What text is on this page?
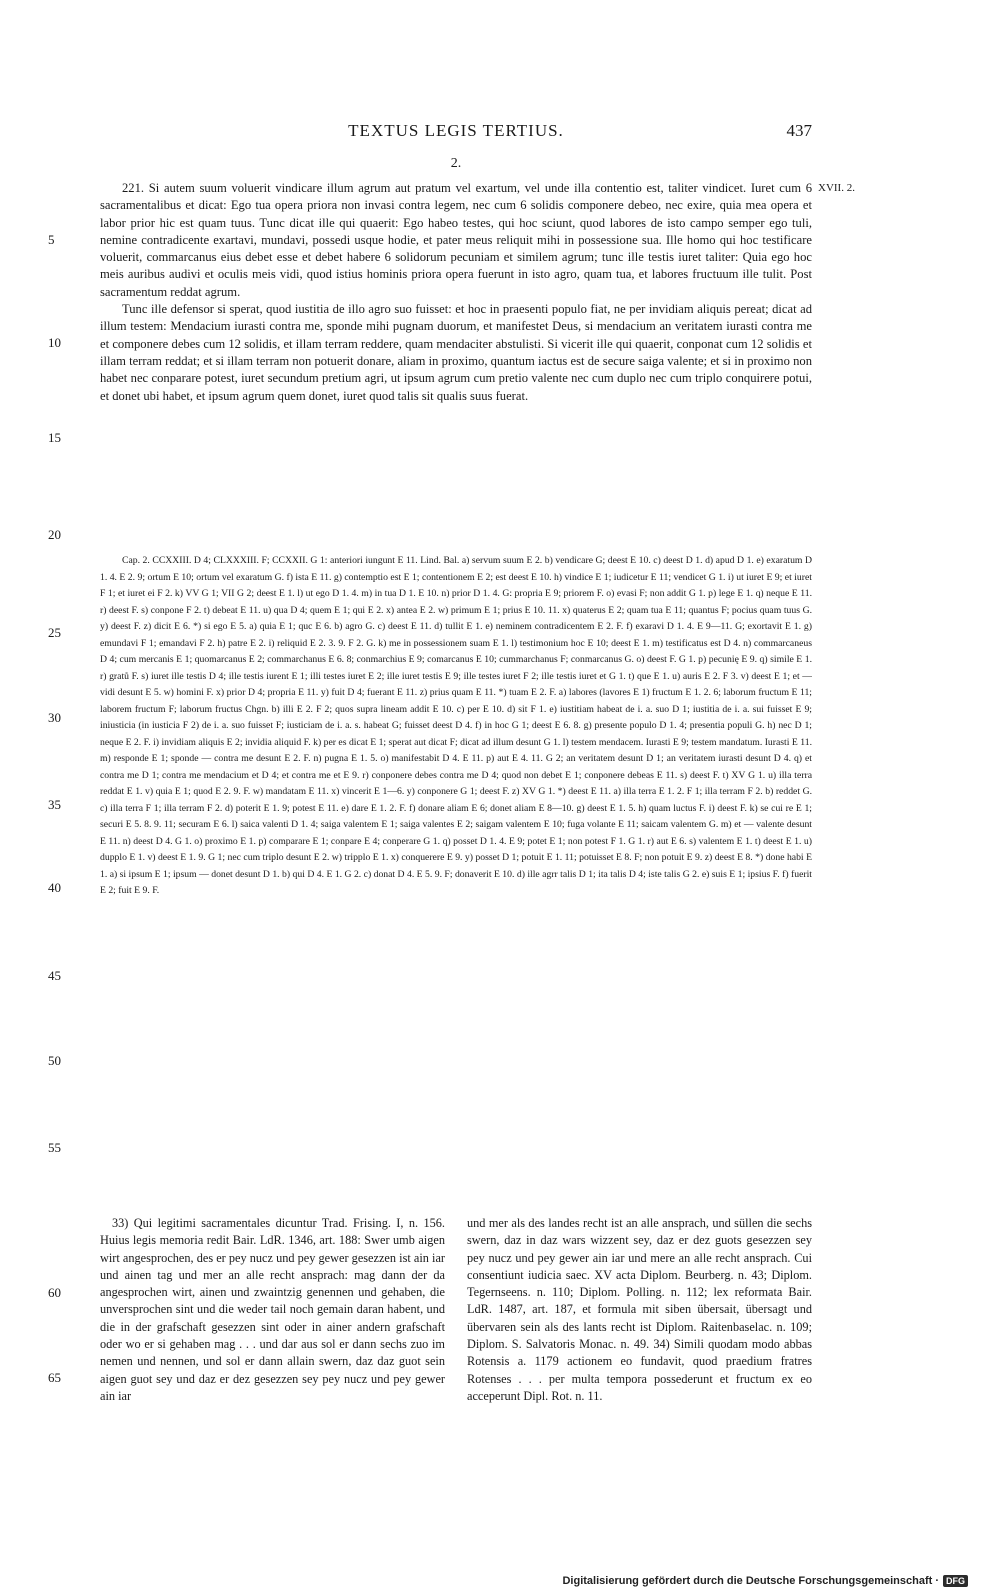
TEXTUS LEGIS TERTIUS.	437
2.
XVII. 2.
5
10
15
20
25
30
35
40
45
50
55
60
65

221. Si autem suum voluerit vindicare illum agrum aut pratum vel exartum, vel unde illa contentio est, taliter vindicet. Iuret cum 6 sacramentalibus et dicat: Ego tua opera priora non invasi contra legem, nec cum 6 solidis componere debeo, nec exire, quia mea opera et labor prior hic est quam tuus. Tunc dicat ille qui quaerit: Ego habeo testes, qui hoc sciunt, quod labores de isto campo semper ego tuli, nemine contradicente exartavi, mundavi, possedi usque hodie, et pater meus reliquit mihi in possessione sua. Ille homo qui hoc testificare voluerit, commarcanus eius debet esse et debet habere 6 solidorum pecuniam et similem agrum; tunc ille testis iuret taliter: Quia ego hoc meis auribus audivi et oculis meis vidi, quod istius hominis priora opera fuerunt in isto agro, quam tua, et labores fructuum ille tulit. Post sacramentum reddat agrum.

Tunc ille defensor si sperat, quod iustitia de illo agro suo fuisset: et hoc in praesenti populo fiat, ne per invidiam aliquis pereat; dicat ad illum testem: Mendacium iurasti contra me, sponde mihi pugnam duorum, et manifestet Deus, si mendacium an veritatem iurasti contra me et componere debes cum 12 solidis, et illam terram reddere, quam mendaciter abstulisti. Si vicerit ille qui quaerit, conponat cum 12 solidis et illam terram reddat; et si illam terram non potuerit donare, aliam in proximo, quantum iactus est de secure saiga valente; et si in proximo non habet nec conparare potest, iuret secundum pretium agri, ut ipsum agrum cum pretio valente nec cum duplo nec cum triplo conquirere potui, et donet ubi habet, et ipsum agrum quem donet, iuret quod talis sit qualis suus fuerat.

Cap. 2. CCXXIII. D 4; CLXXXIII. F; CCXXII. G 1: anteriori iungunt E 11. Lind. Bal. a) servum suum E 2. b) vendicare G; deest E 10. c) deest D 1. d) apud D 1. e) exaratum D 1. 4. E 2. 9; ortum E 10; ortum vel exaratum G. f) ista E 11. g) contemptio est E 1; contentionem E 2; est deest E 10. h) vindice E 1; iudicetur E 11; vendicet G 1. i) ut iuret E 9; et iuret F 1; et iuret ei F 2. k) VV G 1; VII G 2; deest E 1. l) ut ego D 1. 4. m) in tua D 1. E 10. n) prior D 1. 4. G: propria E 9; priorem F. o) evasi F; non addit G 1. p) lege E 1. q) neque E 11. r) deest F. s) conpone F 2. t) debeat E 11. u) qua D 4; quem E 1; qui E 2. x) antea E 2. w) primum E 1; prius E 10. 11. x) quaterus E 2; quam tua E 11; quantus F; pocius quam tuus G. y) deest F. z) dicit E 6. *) si ego E 5. a) quia E 1; quc E 6. b) agro G. c) deest E 11. d) tullit E 1. e) neminem contradicentem E 2. F. f) exaravi D 1. 4. E 9—11. G; exortavit E 1. g) emundavi F 1; emandavi F 2. h) patre E 2. i) reliquid E 2. 3. 9. F 2. G. k) me in possessionem suam E 1. l) testimonium hoc E 10; deest E 1. m) testificatus est D 4. n) commarcaneus D 4; cum mercanis E 1; quomarcanus E 2; commarchanus E 6. 8; conmarchius E 9; comarcanus E 10; cummarchanus F; conmarcanus G. o) deest F. G 1. p) pecunię E 9. q) simile E 1. r) gratů F. s) iuret ille testis D 4; ille testis iurent E 1; illi testes iuret E 2; ille iuret testis E 9; ille testes iuret F 2; ille testis iuret et G 1. t) que E 1. u) auris E 2. F 3. v) deest E 1; et — vidi desunt E 5. w) homini F. x) prior D 4; propria E 11. y) fuit D 4; fuerant E 11. z) prius quam E 11. *) tuam E 2. F. a) labores (lavores E 1) fructum E 1. 2. 6; laborum fructum E 11; laborem fructum F; laborum fructus Chgn. b) illi E 2. F 2; quos supra lineam addit E 10. c) per E 10. d) sit F 1. e) iustitiam habeat de i. a. suo D 1; iustitia de i. a. sui fuisset E 9; iniusticia (in iusticia F 2) de i. a. suo fuisset F; iusticiam de i. a. s. habeat G; fuisset deest D 4. f) in hoc G 1; deest E 6. 8. g) presente populo D 1. 4; presentia populi G. h) nec D 1; neque E 2. F. i) invidiam aliquis E 2; invidia aliquid F. k) per es dicat E 1; sperat aut dicat F; dicat ad illum desunt G 1. l) testem mendacem. Iurasti E 9; testem mandatum. Iurasti E 11. m) responde E 1; sponde — contra me desunt E 2. F. n) pugna E 1. 5. o) manifestabit D 4. E 11. p) aut E 4. 11. G 2; an veritatem desunt D 1; an veritatem iurasti desunt D 4. q) et contra me D 1; contra me mendacium et D 4; et contra me et E 9. r) conponere debes contra me D 4; quod non debet E 1; conponere debeas E 11. s) deest F. t) XV G 1. u) illa terra reddat E 1. v) quia E 1; quod E 2. 9. F. w) mandatam E 11. x) vincerit E 1—6. y) conponere G 1; deest F. z) XV G 1. *) deest E 11. a) illa terra E 1. 2. F 1; illa terram F 2. b) reddet G. c) illa terra F 1; illa terram F 2. d) poterit E 1. 9; potest E 11. e) dare E 1. 2. F. f) donare aliam E 6; donet aliam E 8—10. g) deest E 1. 5. h) quam luctus F. i) deest F. k) se cui re E 1; securi E 5. 8. 9. 11; securam E 6. l) saica valenti D 1. 4; saiga valentem E 1; saiga valentes E 2; saigam valentem E 10; fuga volante E 11; saicam valentem G. m) et — valente desunt E 11. n) deest D 4. G 1. o) proximo E 1. p) comparare E 1; conpare E 4; conperare G 1. q) posset D 1. 4. E 9; potet E 1; non potest F 1. G 1. r) aut E 6. s) valentem E 1. t) deest E 1. u) dupplo E 1. v) deest E 1. 9. G 1; nec cum triplo desunt E 2. w) tripplo E 1. x) conquerere E 9. y) posset D 1; potuit E 1. 11; potuisset E 8. F; non potuit E 9. z) deest E 8. *) done habi E 1. a) si ipsum E 1; ipsum — donet desunt D 1. b) qui D 4. E 1. G 2. c) donat D 4. E 5. 9. F; donaverit E 10. d) ille agrr talis D 1; ita talis D 4; iste talis G 2. e) suis E 1; ipsius F. f) fuerit E 2; fuit E 9. F.

33) Qui legitimi sacramentales dicuntur Trad. Frising. I, n. 156. Huius legis memoria redit Bair. LdR. 1346, art. 188: Swer umb aigen wirt angesprochen, des er pey nucz und pey gewer gesezzen ist ain iar und ainen tag und mer an alle recht ansprach: mag dann der da angesprochen wirt, ainen und zwaintzig genennen und gehaben, die unversprochen sint und die weder tail noch gemain daran habent, und die in der grafschaft gesezzen sint oder in ainer andern grafschaft oder wo er si gehaben mag . . . und dar aus sol er dann sechs zuo im nemen und nennen, und sol er dann allain swern, daz daz guot sein aigen guot sey und daz er dez gesezzen sey pey nucz und pey gewer ain iar
und mer als des landes recht ist an alle ansprach, und süllen die sechs swern, daz in daz wars wizzent sey, daz er dez guots gesezzen sey pey nucz und pey gewer ain iar und mere an alle recht ansprach. Cui consentiunt iudicia saec. XV acta Diplom. Beurberg. n. 43; Diplom. Tegernseens. n. 110; Diplom. Polling. n. 112; lex reformata Bair. LdR. 1487, art. 187, et formula mit siben übersait, übersagt und übervaren sein als des lants recht ist Diplom. Raitenbaselac. n. 109; Diplom. S. Salvatoris Monac. n. 49. 34) Simili quodam modo abbas Rotensis a. 1179 actionem eo fundavit, quod praedium fratres Rotenses . . . per multa tempora possederunt et fructum ex eo acceperunt Dipl. Rot. n. 11.
Digitalisierung gefördert durch die Deutsche Forschungsgemeinschaft · DFG
